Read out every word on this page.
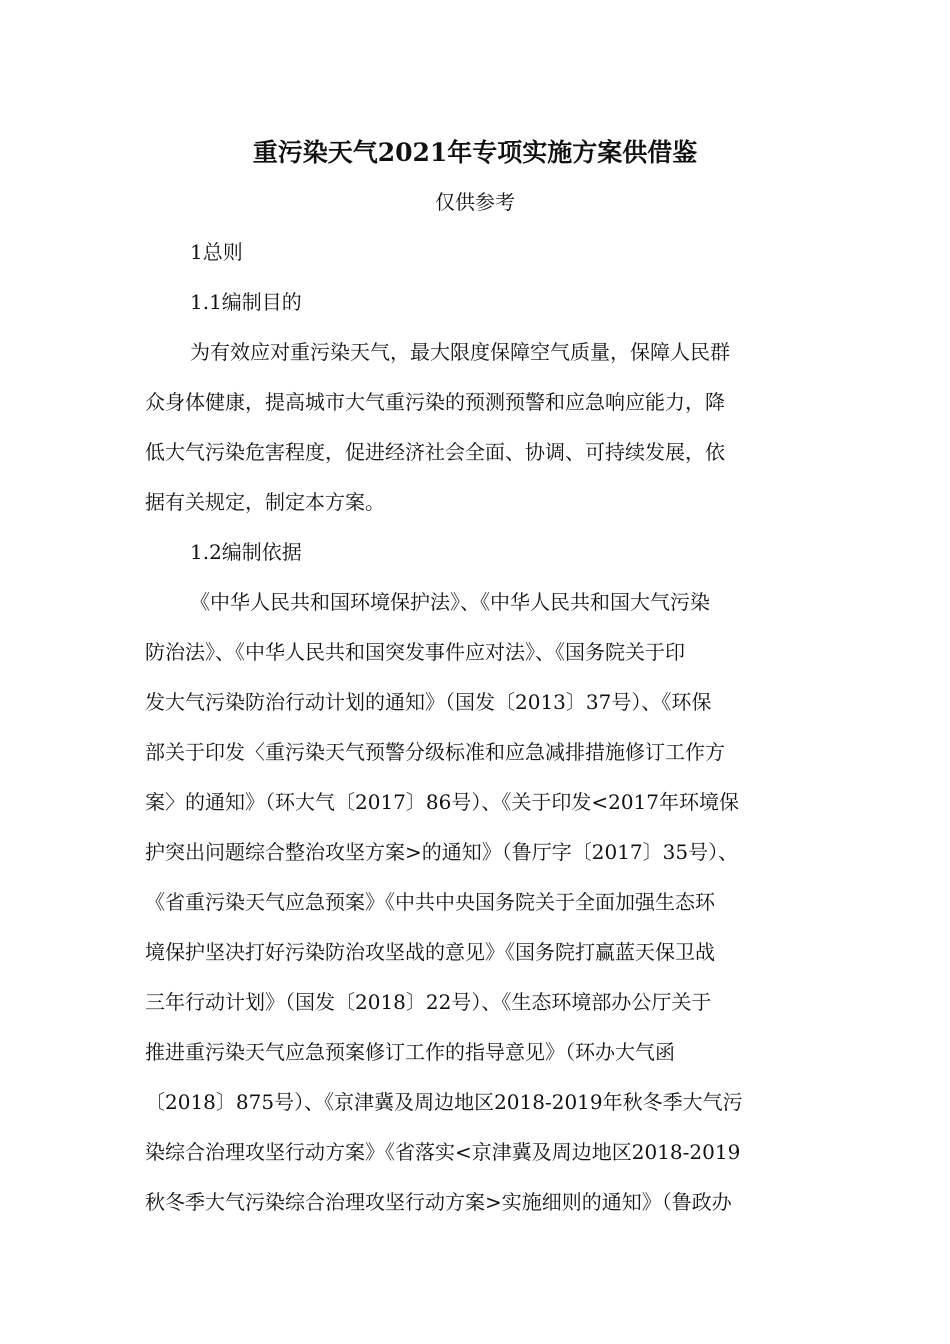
重污染天气2021年专项实施方案供借鉴
仅供参考
1总则
1.1编制目的
为有效应对重污染天气，最大限度保障空气质量，保障人民群
众身体健康，提高城市大气重污染的预测预警和应急响应能力，降
低大气污染危害程度，促进经济社会全面、协调、可持续发展，依
据有关规定，制定本方案。
1.2编制依据
《中华人民共和国环境保护法》、《中华人民共和国大气污染
防治法》、《中华人民共和国突发事件应对法》、《国务院关于印
发大气污染防治行动计划的通知》（国发〔2013〕37号）、《环保
部关于印发〈重污染天气预警分级标准和应急减排措施修订工作方
案〉的通知》（环大气〔2017〕86号）、《关于印发<2017年环境保
护突出问题综合整治攻坚方案>的通知》（鲁厅字〔2017〕35号）、
《省重污染天气应急预案》《中共中央国务院关于全面加强生态环
境保护坚决打好污染防治攻坚战的意见》《国务院打赢蓝天保卫战
三年行动计划》（国发〔2018〕22号）、《生态环境部办公厅关于
推进重污染天气应急预案修订工作的指导意见》（环办大气函
〔2018〕875号）、《京津冀及周边地区2018-2019年秋冬季大气污
染综合治理攻坚行动方案》《省落实<京津冀及周边地区2018-2019
秋冬季大气污染综合治理攻坚行动方案>实施细则的通知》（鲁政办
